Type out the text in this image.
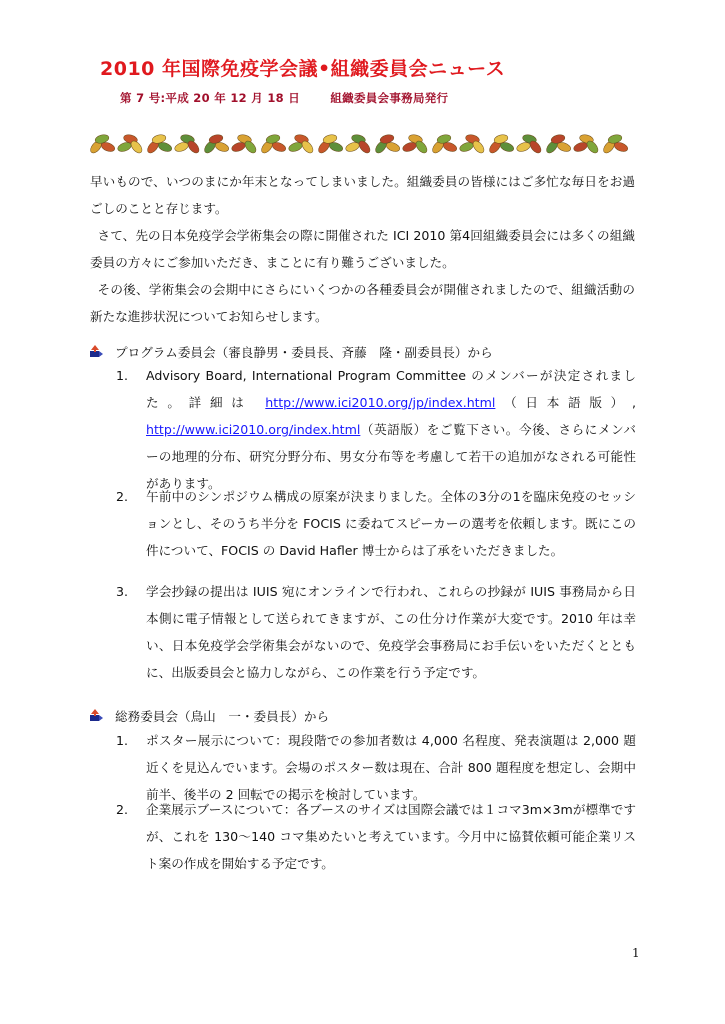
2010 年国際免疫学会議•組織委員会ニュース
第 7 号:平成 20 年 12 月 18 日	組織委員会事務局発行

早いもので、いつのまにか年末となってしまいました。組織委員の皆様にはご多忙な毎日をお過ごしのことと存じます。

さて、先の日本免疫学会学術集会の際に開催された ICI 2010 第4回組織委員会には多くの組織委員の方々にご参加いただき、まことに有り難うございました。

その後、学術集会の会期中にさらにいくつかの各種委員会が開催されましたので、組織活動の新たな進捗状況についてお知らせします。

プログラム委員会（審良静男・委員長、斉藤　隆・副委員長）から
1.	Advisory Board, International Program Committee のメンバーが決定されました。詳細は http://www.ici2010.org/jp/index.html（日本語版）, http://www.ici2010.org/index.html（英語版）をご覧下さい。今後、さらにメンバーの地理的分布、研究分野分布、男女分布等を考慮して若干の追加がなされる可能性があります。
2.	午前中のシンポジウム構成の原案が決まりました。全体の3分の1を臨床免疫のセッションとし、そのうち半分を FOCIS に委ねてスピーカーの選考を依頼します。既にこの件について、FOCIS の David Hafler 博士からは了承をいただきました。
3.	学会抄録の提出は IUIS 宛にオンラインで行われ、これらの抄録が IUIS 事務局から日本側に電子情報として送られてきますが、この仕分け作業が大変です。2010 年は幸い、日本免疫学会学術集会がないので、免疫学会事務局にお手伝いをいただくとともに、出版委員会と協力しながら、この作業を行う予定です。
総務委員会（鳥山　一・委員長）から
1.	ポスター展示について：現段階での参加者数は 4,000 名程度、発表演題は 2,000 題近くを見込んでいます。会場のポスター数は現在、合計 800 題程度を想定し、会期中前半、後半の 2 回転での掲示を検討しています。
2.	企業展示ブースについて：各ブースのサイズは国際会議では１コマ3m×3mが標準ですが、これを 130～140 コマ集めたいと考えています。今月中に協賛依頼可能企業リスト案の作成を開始する予定です。
1
